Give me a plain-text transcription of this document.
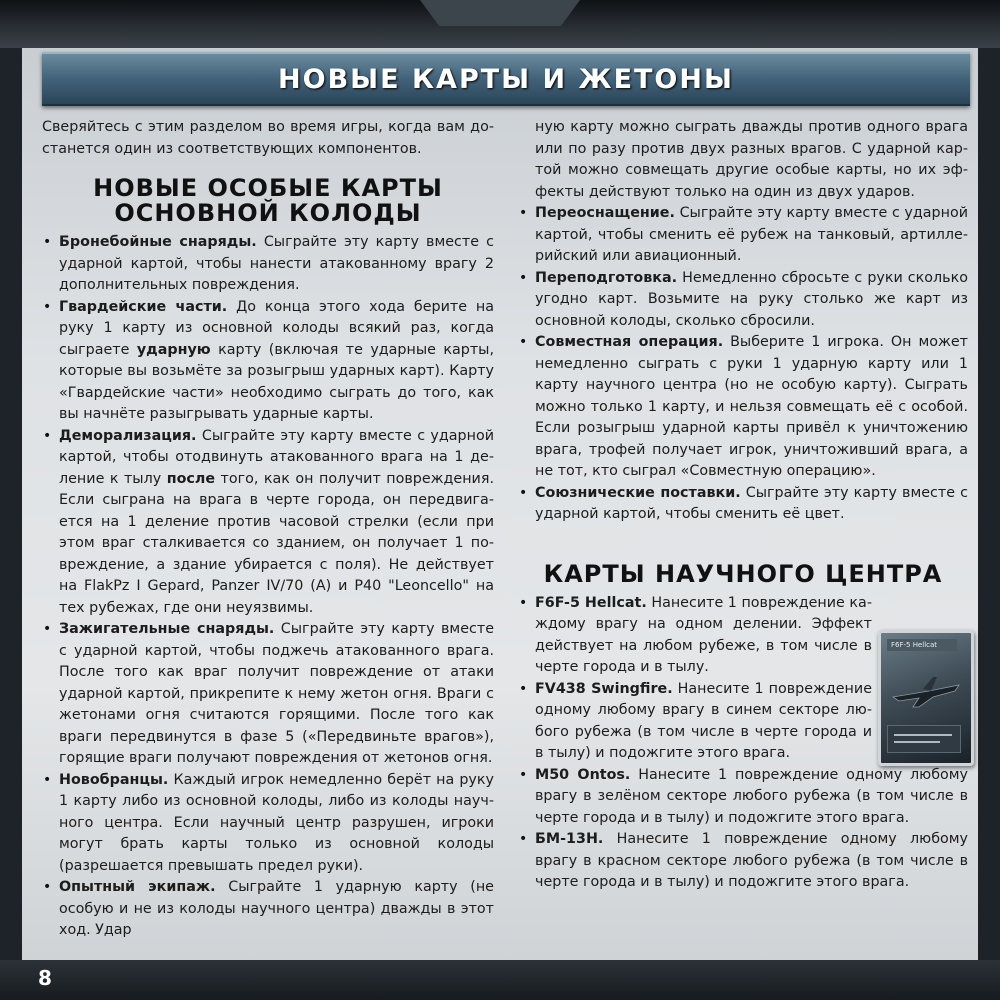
НОВЫЕ КАРТЫ И ЖЕТОНЫ

Сверяйтесь с этим разделом во время игры, когда вам достанется один из соответствующих компонентов.

НОВЫЕ ОСОБЫЕ КАРТЫ
ОСНОВНОЙ КОЛОДЫ
• Бронебойные снаряды. Сыграйте эту карту вместе с ударной картой, чтобы нанести атакованному врагу 2 дополнительных повреждения.
• Гвардейские части. До конца этого хода берите на руку 1 карту из основной колоды всякий раз, когда сыграете ударную карту (включая те ударные карты, которые вы возьмёте за розыгрыш ударных карт). Карту «Гвардейские части» необходимо сыграть до того, как вы начнёте разыгрывать ударные карты.
• Деморализация. Сыграйте эту карту вместе с ударной картой, чтобы отодвинуть атакованного врага на 1 деление к тылу после того, как он получит повреждения. Если сыграна на врага в черте города, он передвигается на 1 деление против часовой стрелки (если при этом враг сталкивается со зданием, он получает 1 повреждение, а здание убирается с поля). Не действует на FlakPz I Gepard, Panzer IV/70 (A) и P40 "Leoncello" на тех рубежах, где они неуязвимы.
• Зажигательные снаряды. Сыграйте эту карту вместе с ударной картой, чтобы поджечь атакованного врага. После того как враг получит повреждение от атаки ударной картой, прикрепите к нему жетон огня. Враги с жетонами огня считаются горящими. После того как враги передвинутся в фазе 5 («Передвиньте врагов»), горящие враги получают повреждения от жетонов огня.
• Новобранцы. Каждый игрок немедленно берёт на руку 1 карту либо из основной колоды, либо из колоды научного центра. Если научный центр разрушен, игроки могут брать карты только из основной колоды (разрешается превышать предел руки).
• Опытный экипаж. Сыграйте 1 ударную карту (не особую и не из колоды научного центра) дважды в этот ход. Удар
ную карту можно сыграть дважды против одного врага или по разу против двух разных врагов. С ударной картой можно совмещать другие особые карты, но их эффекты действуют только на один из двух ударов.
• Переоснащение. Сыграйте эту карту вместе с ударной картой, чтобы сменить её рубеж на танковый, артиллерийский или авиационный.
• Переподготовка. Немедленно сбросьте с руки сколько угодно карт. Возьмите на руку столько же карт из основной колоды, сколько сбросили.
• Совместная операция. Выберите 1 игрока. Он может немедленно сыграть с руки 1 ударную карту или 1 карту научного центра (но не особую карту). Сыграть можно только 1 карту, и нельзя совмещать её с особой. Если розыгрыш ударной карты привёл к уничтожению врага, трофей получает игрок, уничтоживший врага, а не тот, кто сыграл «Совместную операцию».
• Союзнические поставки. Сыграйте эту карту вместе с ударной картой, чтобы сменить её цвет.
КАРТЫ НАУЧНОГО ЦЕНТРА
• F6F-5 Hellcat. Нанесите 1 повреждение каждому врагу на одном делении. Эффект действует на любом рубеже, в том числе в черте города и в тылу.
• FV438 Swingfire. Нанесите 1 повреждение одному любому врагу в синем секторе любого рубежа (в том числе в черте города и в тылу) и подожгите этого врага.
• M50 Ontos. Нанесите 1 повреждение одному любому врагу в зелёном секторе любого рубежа (в том числе в черте города и в тылу) и подожгите этого врага.
• БМ-13Н. Нанесите 1 повреждение одному любому врагу в красном секторе любого рубежа (в том числе в черте города и в тылу) и подожгите этого врага.
F6F-5 Hellcat
8
